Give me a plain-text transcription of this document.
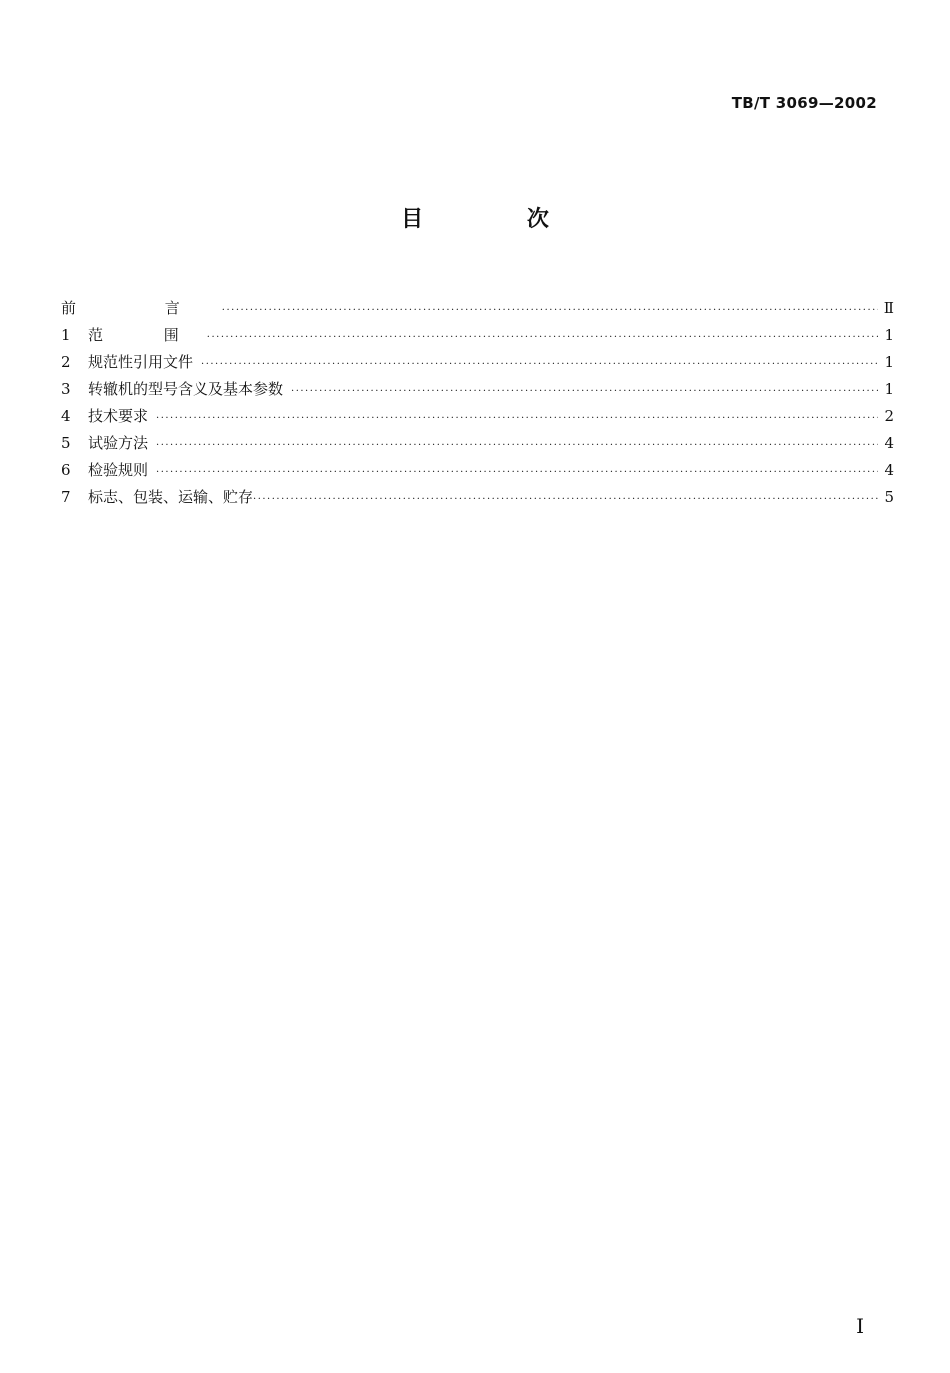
TB/T 3069—2002
目 次
前 言 ·····	Ⅱ
1	范 围 ·····	1
2	规范性引用文件 ·····	1
3	转辙机的型号含义及基本参数 ·····	1
4	技术要求 ·····	2
5	试验方法 ·····	4
6	检验规则 ·····	4
7	标志、包装、运输、贮存 ·····	5
I
